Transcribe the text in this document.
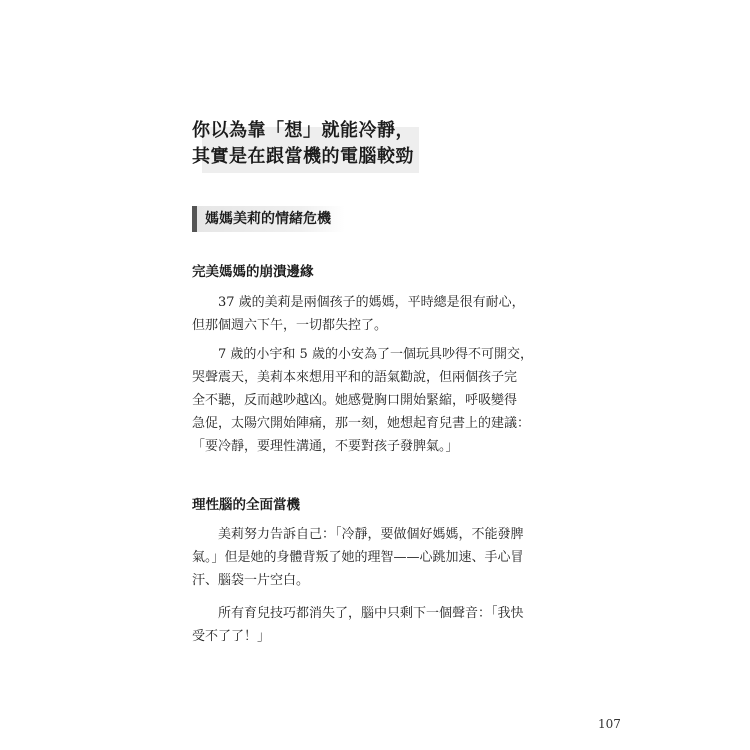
你以為靠「想」就能冷靜，
其實是在跟當機的電腦較勁
媽媽美莉的情緒危機
完美媽媽的崩潰邊緣
37 歲的美莉是兩個孩子的媽媽，平時總是很有耐心，
但那個週六下午，一切都失控了。
7 歲的小宇和 5 歲的小安為了一個玩具吵得不可開交，
哭聲震天，美莉本來想用平和的語氣勸說，但兩個孩子完
全不聽，反而越吵越凶。她感覺胸口開始緊縮，呼吸變得
急促，太陽穴開始陣痛，那一刻，她想起育兒書上的建議：
「要冷靜，要理性溝通，不要對孩子發脾氣。」
理性腦的全面當機
美莉努力告訴自己：「冷靜，要做個好媽媽，不能發脾
氣。」但是她的身體背叛了她的理智——心跳加速、手心冒
汗、腦袋一片空白。
所有育兒技巧都消失了，腦中只剩下一個聲音：「我快
受不了了！」
107
